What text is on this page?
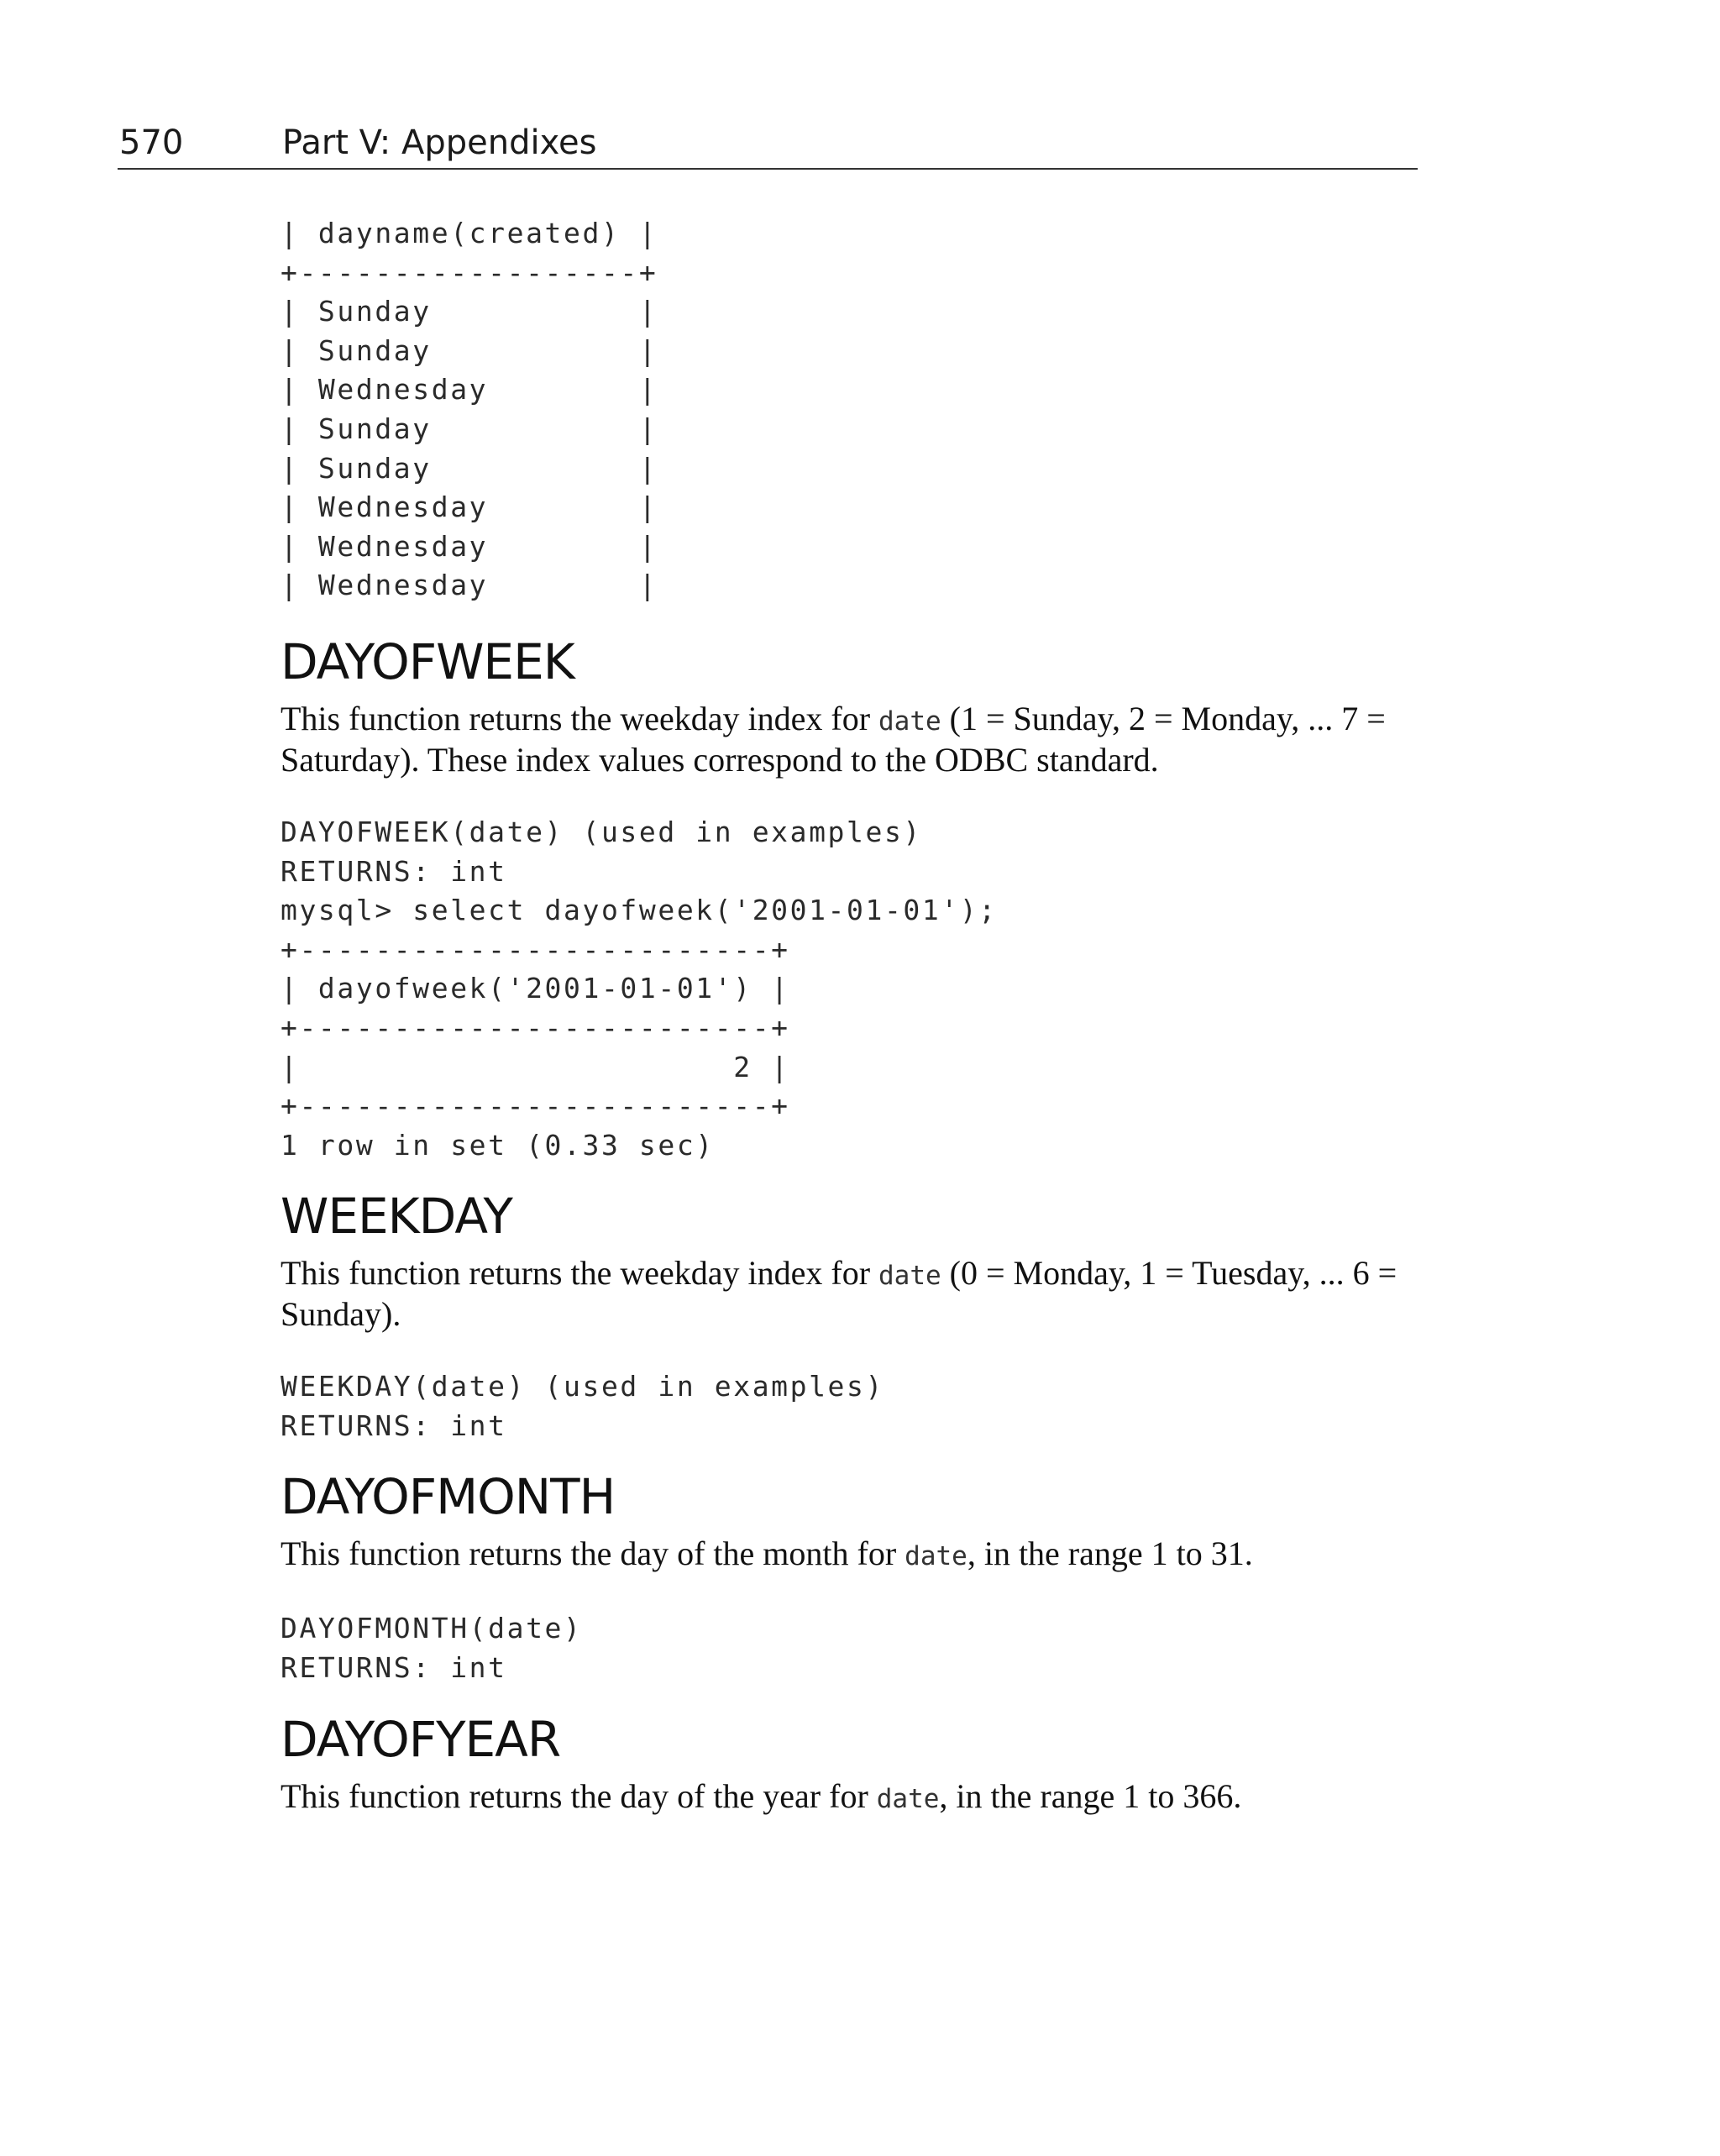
570	Part V: Appendixes
| dayname(created) |
+------------------+
| Sunday           |
| Sunday           |
| Wednesday        |
| Sunday           |
| Sunday           |
| Wednesday        |
| Wednesday        |
| Wednesday        |
DAYOFWEEK

This function returns the weekday index for date (1 = Sunday, 2 = Monday, ... 7 = Saturday). These index values correspond to the ODBC standard.

DAYOFWEEK(date) (used in examples)
RETURNS: int
mysql> select dayofweek('2001-01-01');
+-------------------------+
| dayofweek('2001-01-01') |
+-------------------------+
|                       2 |
+-------------------------+
1 row in set (0.33 sec)
WEEKDAY

This function returns the weekday index for date (0 = Monday, 1 = Tuesday, ... 6 = Sunday).

WEEKDAY(date) (used in examples)
RETURNS: int
DAYOFMONTH

This function returns the day of the month for date, in the range 1 to 31.

DAYOFMONTH(date)
RETURNS: int
DAYOFYEAR

This function returns the day of the year for date, in the range 1 to 366.
